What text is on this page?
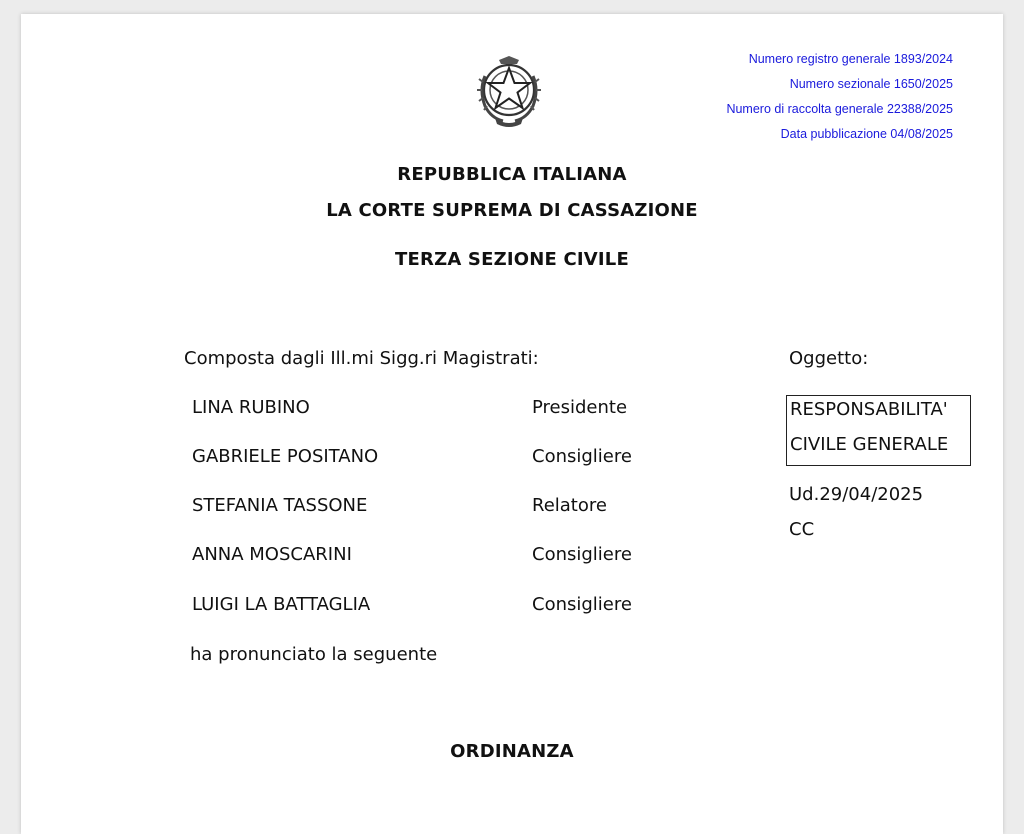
Numero registro generale 1893/2024
Numero sezionale 1650/2025
Numero di raccolta generale 22388/2025
Data pubblicazione 04/08/2025
REPUBBLICA ITALIANA
LA CORTE SUPREMA DI CASSAZIONE
TERZA SEZIONE CIVILE
Composta dagli Ill.mi Sigg.ri Magistrati:
LINA RUBINO	Presidente
GABRIELE POSITANO	Consigliere
STEFANIA TASSONE	Relatore
ANNA MOSCARINI	Consigliere
LUIGI LA BATTAGLIA	Consigliere
ha pronunciato la seguente
Oggetto:
RESPONSABILITA'
CIVILE GENERALE
Ud.29/04/2025
CC
ORDINANZA
